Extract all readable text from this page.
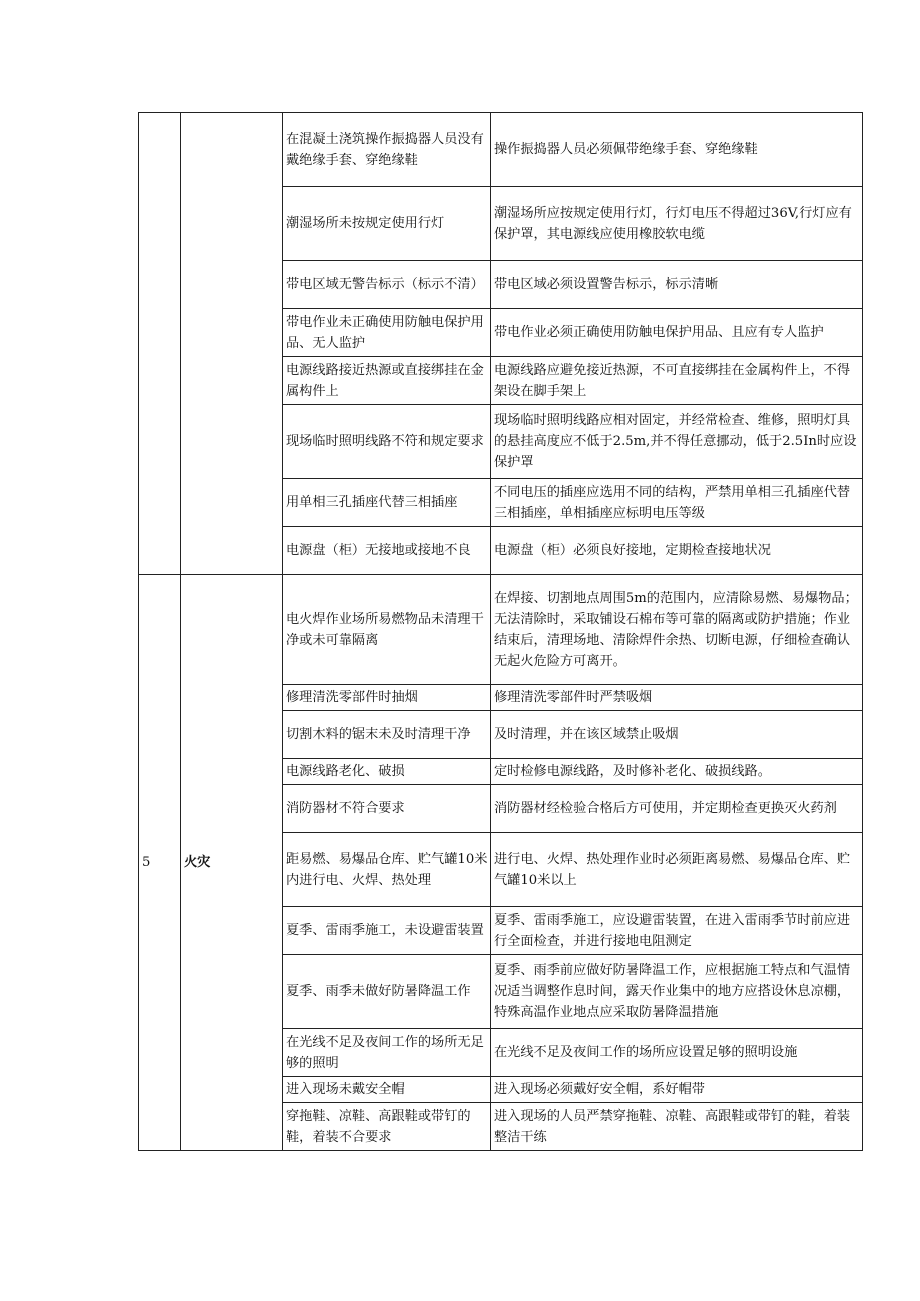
		在混凝土浇筑操作振捣器人员没有戴绝缘手套、穿绝缘鞋	操作振捣器人员必须佩带绝缘手套、穿绝缘鞋
		潮湿场所未按规定使用行灯	潮湿场所应按规定使用行灯，行灯电压不得超过36V,行灯应有保护罩，其电源线应使用橡胶软电缆
		带电区域无警告标示（标示不清）	带电区域必须设置警告标示，标示清晰
		带电作业未正确使用防触电保护用品、无人监护	带电作业必须正确使用防触电保护用品、且应有专人监护
		电源线路接近热源或直接绑挂在金属构件上	电源线路应避免接近热源，不可直接绑挂在金属构件上，不得架设在脚手架上
		现场临时照明线路不符和规定要求	现场临时照明线路应相对固定，并经常检查、维修，照明灯具的悬挂高度应不低于2.5m,并不得任意挪动，低于2.5In时应设保护罩
		用单相三孔插座代替三相插座	不同电压的插座应选用不同的结构，严禁用单相三孔插座代替三相插座，单相插座应标明电压等级
		电源盘（柜）无接地或接地不良	电源盘（柜）必须良好接地，定期检查接地状况
5	火灾	电火焊作业场所易燃物品未清理干净或未可靠隔离	在焊接、切割地点周围5m的范围内，应清除易燃、易爆物品；无法清除时，采取铺设石棉布等可靠的隔离或防护措施；作业结束后，清理场地、清除焊件余热、切断电源，仔细检查确认无起火危险方可离开。
		修理清洗零部件时抽烟	修理清洗零部件时严禁吸烟
		切割木料的锯末未及时清理干净	及时清理，并在该区域禁止吸烟
		电源线路老化、破损	定时检修电源线路，及时修补老化、破损线路。
		消防器材不符合要求	消防器材经检验合格后方可使用，并定期检查更换灭火药剂
		距易燃、易爆品仓库、贮气罐10米内进行电、火焊、热处理	进行电、火焊、热处理作业时必须距离易燃、易爆品仓库、贮气罐10米以上
		夏季、雷雨季施工，未设避雷装置	夏季、雷雨季施工，应设避雷装置，在进入雷雨季节时前应进行全面检查，并进行接地电阻测定
		夏季、雨季未做好防暑降温工作	夏季、雨季前应做好防暑降温工作，应根据施工特点和气温情况适当调整作息时间，露天作业集中的地方应搭设休息凉棚，特殊高温作业地点应采取防暑降温措施
		在光线不足及夜间工作的场所无足够的照明	在光线不足及夜间工作的场所应设置足够的照明设施
		进入现场未戴安全帽	进入现场必须戴好安全帽，系好帽带
		穿拖鞋、凉鞋、高跟鞋或带钉的鞋，着装不合要求	进入现场的人员严禁穿拖鞋、凉鞋、高跟鞋或带钉的鞋，着装整洁干练
